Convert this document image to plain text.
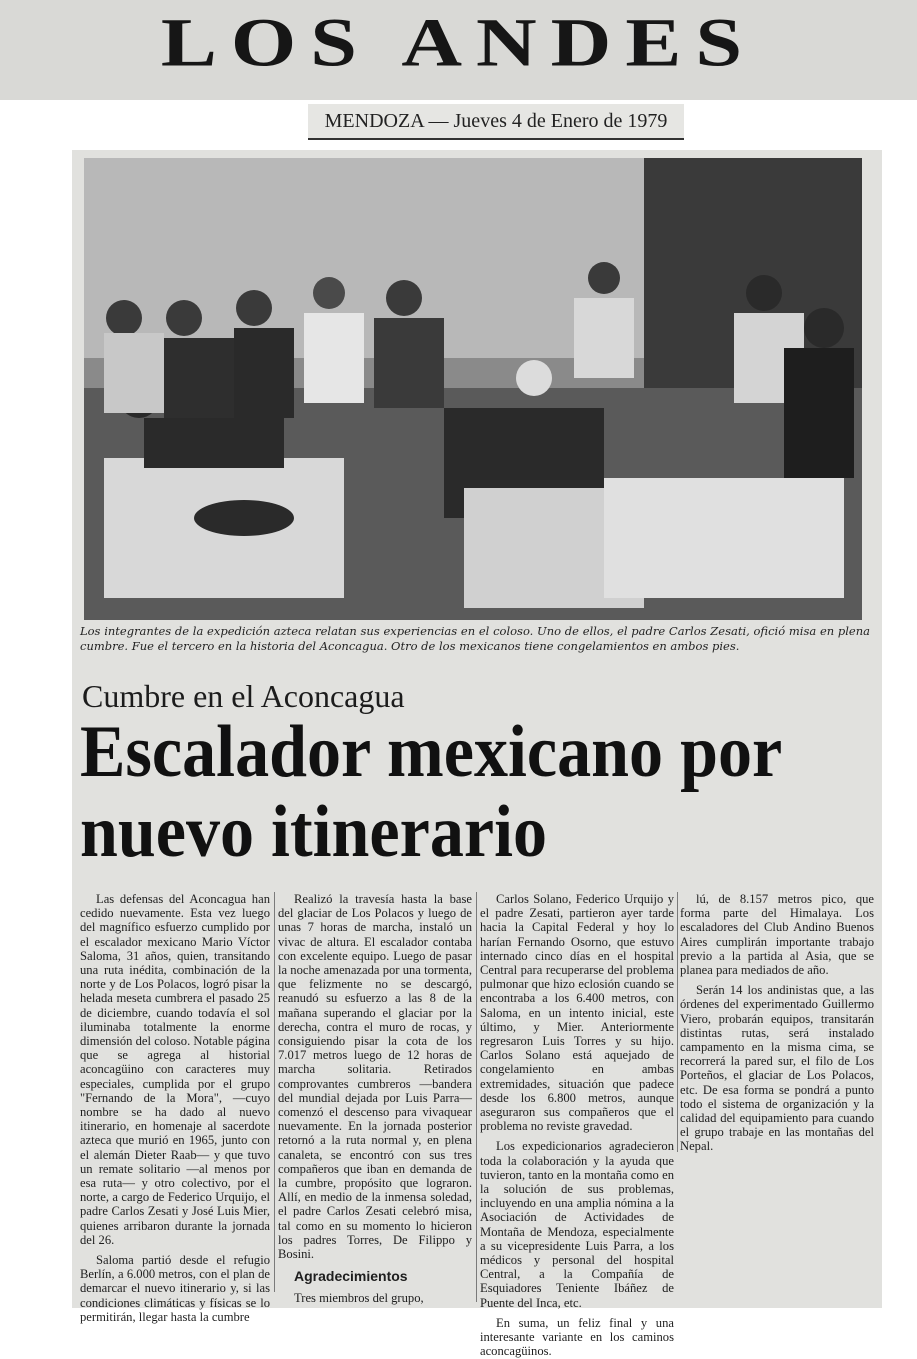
LOS ANDES
MENDOZA — Jueves 4 de Enero de 1979
Los integrantes de la expedición azteca relatan sus experiencias en el coloso. Uno de ellos, el padre Carlos Zesati, ofició misa en plena cumbre. Fue el tercero en la historia del Aconcagua. Otro de los mexicanos tiene congelamientos en ambos pies.
Cumbre en el Aconcagua
Escalador mexicano por nuevo itinerario

Las defensas del Aconcagua han cedido nuevamente. Esta vez luego del magnífico esfuerzo cumplido por el escalador mexicano Mario Víctor Saloma, 31 años, quien, transitando una ruta inédita, combinación de la norte y de Los Polacos, logró pisar la helada meseta cumbrera el pasado 25 de diciembre, cuando todavía el sol iluminaba totalmente la enorme dimensión del coloso. Notable página que se agrega al historial aconcagüino con caracteres muy especiales, cumplida por el grupo "Fernando de la Mora", —cuyo nombre se ha dado al nuevo itinerario, en homenaje al sacerdote azteca que murió en 1965, junto con el alemán Dieter Raab— y que tuvo un remate solitario —al menos por esa ruta— y otro colectivo, por el norte, a cargo de Federico Urquijo, el padre Carlos Zesati y José Luis Mier, quienes arribaron durante la jornada del 26.

Saloma partió desde el refugio Berlín, a 6.000 metros, con el plan de demarcar el nuevo itinerario y, si las condiciones climáticas y físicas se lo permitirán, llegar hasta la cumbre

Realizó la travesía hasta la base del glaciar de Los Polacos y luego de unas 7 horas de marcha, instaló un vivac de altura. El escalador contaba con excelente equipo. Luego de pasar la noche amenazada por una tormenta, que felizmente no se descargó, reanudó su esfuerzo a las 8 de la mañana superando el glaciar por la derecha, contra el muro de rocas, y consiguiendo pisar la cota de los 7.017 metros luego de 12 horas de marcha solitaria. Retirados comprovantes cumbreros —bandera del mundial dejada por Luis Parra— comenzó el descenso para vivaquear nuevamente. En la jornada posterior retornó a la ruta normal y, en plena canaleta, se encontró con sus tres compañeros que iban en demanda de la cumbre, propósito que lograron. Allí, en medio de la inmensa soledad, el padre Carlos Zesati celebró misa, tal como en su momento lo hicieron los padres Torres, De Filippo y Bosini.

Agradecimientos

Tres miembros del grupo,

Carlos Solano, Federico Urquijo y el padre Zesati, partieron ayer tarde hacia la Capital Federal y hoy lo harían Fernando Osorno, que estuvo internado cinco días en el hospital Central para recuperarse del problema pulmonar que hizo eclosión cuando se encontraba a los 6.400 metros, con Saloma, en un intento inicial, este último, y Mier. Anteriormente regresaron Luis Torres y su hijo. Carlos Solano está aquejado de congelamiento en ambas extremidades, situación que padece desde los 6.800 metros, aunque aseguraron sus compañeros que el problema no reviste gravedad.

Los expedicionarios agradecieron toda la colaboración y la ayuda que tuvieron, tanto en la montaña como en la solución de sus problemas, incluyendo en una amplia nómina a la Asociación de Actividades de Montaña de Mendoza, especialmente a su vicepresidente Luis Parra, a los médicos y personal del hospital Central, a la Compañía de Esquiadores Teniente Ibáñez de Puente del Inca, etc.

En suma, un feliz final y una interesante variante en los caminos aconcagüinos.

lú, de 8.157 metros pico, que forma parte del Himalaya. Los escaladores del Club Andino Buenos Aires cumplirán importante trabajo previo a la partida al Asia, que se planea para mediados de año.

Serán 14 los andinistas que, a las órdenes del experimentado Guillermo Viero, probarán equipos, transitarán distintas rutas, será instalado campamento en la misma cima, se recorrerá la pared sur, el filo de Los Porteños, el glaciar de Los Polacos, etc. De esa forma se pondrá a punto todo el sistema de organización y la calidad del equipamiento para cuando el grupo trabaje en las montañas del Nepal.
